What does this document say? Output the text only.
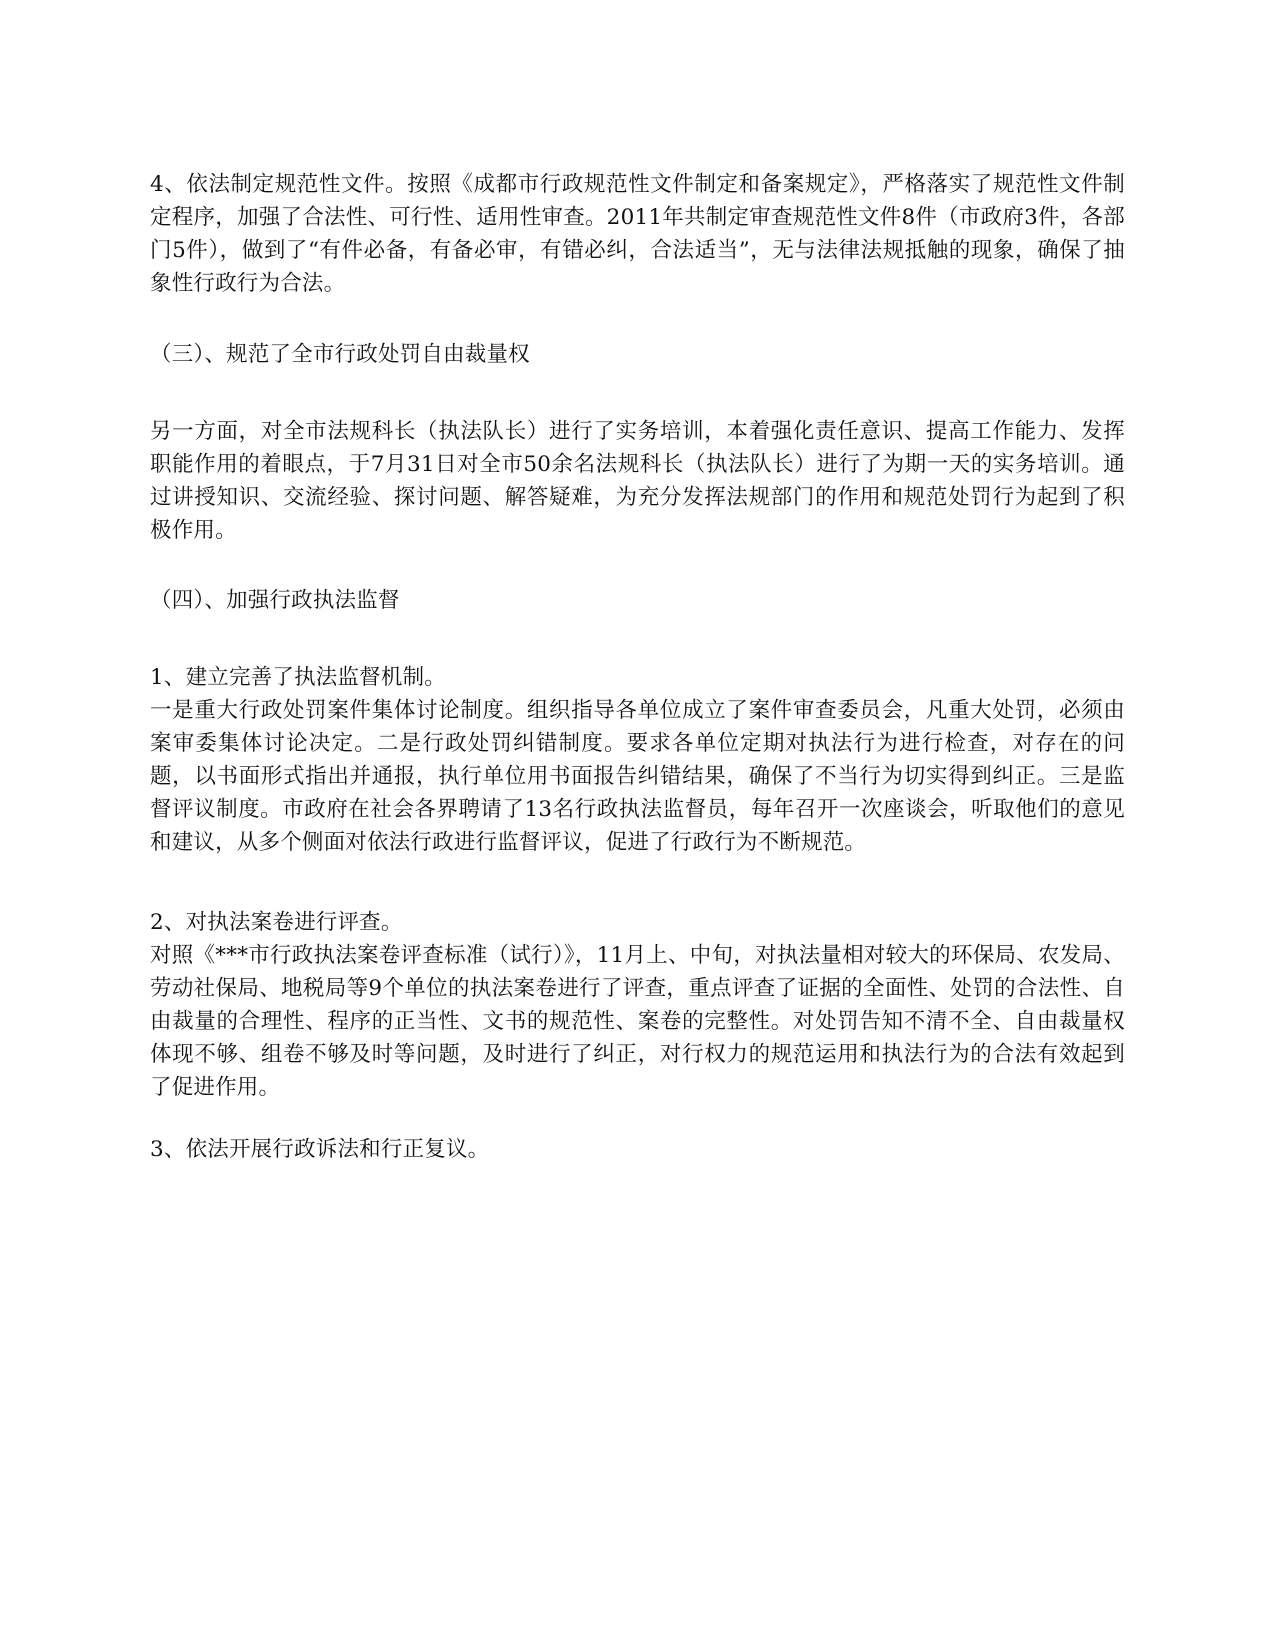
4、依法制定规范性文件。按照《成都市行政规范性文件制定和备案规定》，严格落实了规范性文件制定程序，加强了合法性、可行性、适用性审查。2011年共制定审查规范性文件8件（市政府3件，各部门5件），做到了“有件必备，有备必审，有错必纠，合法适当”，无与法律法规抵触的现象，确保了抽象性行政行为合法。

（三）、规范了全市行政处罚自由裁量权

另一方面，对全市法规科长（执法队长）进行了实务培训，本着强化责任意识、提高工作能力、发挥职能作用的着眼点，于7月31日对全市50余名法规科长（执法队长）进行了为期一天的实务培训。通过讲授知识、交流经验、探讨问题、解答疑难，为充分发挥法规部门的作用和规范处罚行为起到了积极作用。

（四）、加强行政执法监督

1、建立完善了执法监督机制。

一是重大行政处罚案件集体讨论制度。组织指导各单位成立了案件审查委员会，凡重大处罚，必须由案审委集体讨论决定。二是行政处罚纠错制度。要求各单位定期对执法行为进行检查，对存在的问题，以书面形式指出并通报，执行单位用书面报告纠错结果，确保了不当行为切实得到纠正。三是监督评议制度。市政府在社会各界聘请了13名行政执法监督员，每年召开一次座谈会，听取他们的意见和建议，从多个侧面对依法行政进行监督评议，促进了行政行为不断规范。

2、对执法案卷进行评查。

对照《***市行政执法案卷评查标准（试行）》，11月上、中旬，对执法量相对较大的环保局、农发局、劳动社保局、地税局等9个单位的执法案卷进行了评查，重点评查了证据的全面性、处罚的合法性、自由裁量的合理性、程序的正当性、文书的规范性、案卷的完整性。对处罚告知不清不全、自由裁量权体现不够、组卷不够及时等问题，及时进行了纠正，对行权力的规范运用和执法行为的合法有效起到了促进作用。

3、依法开展行政诉法和行正复议。
